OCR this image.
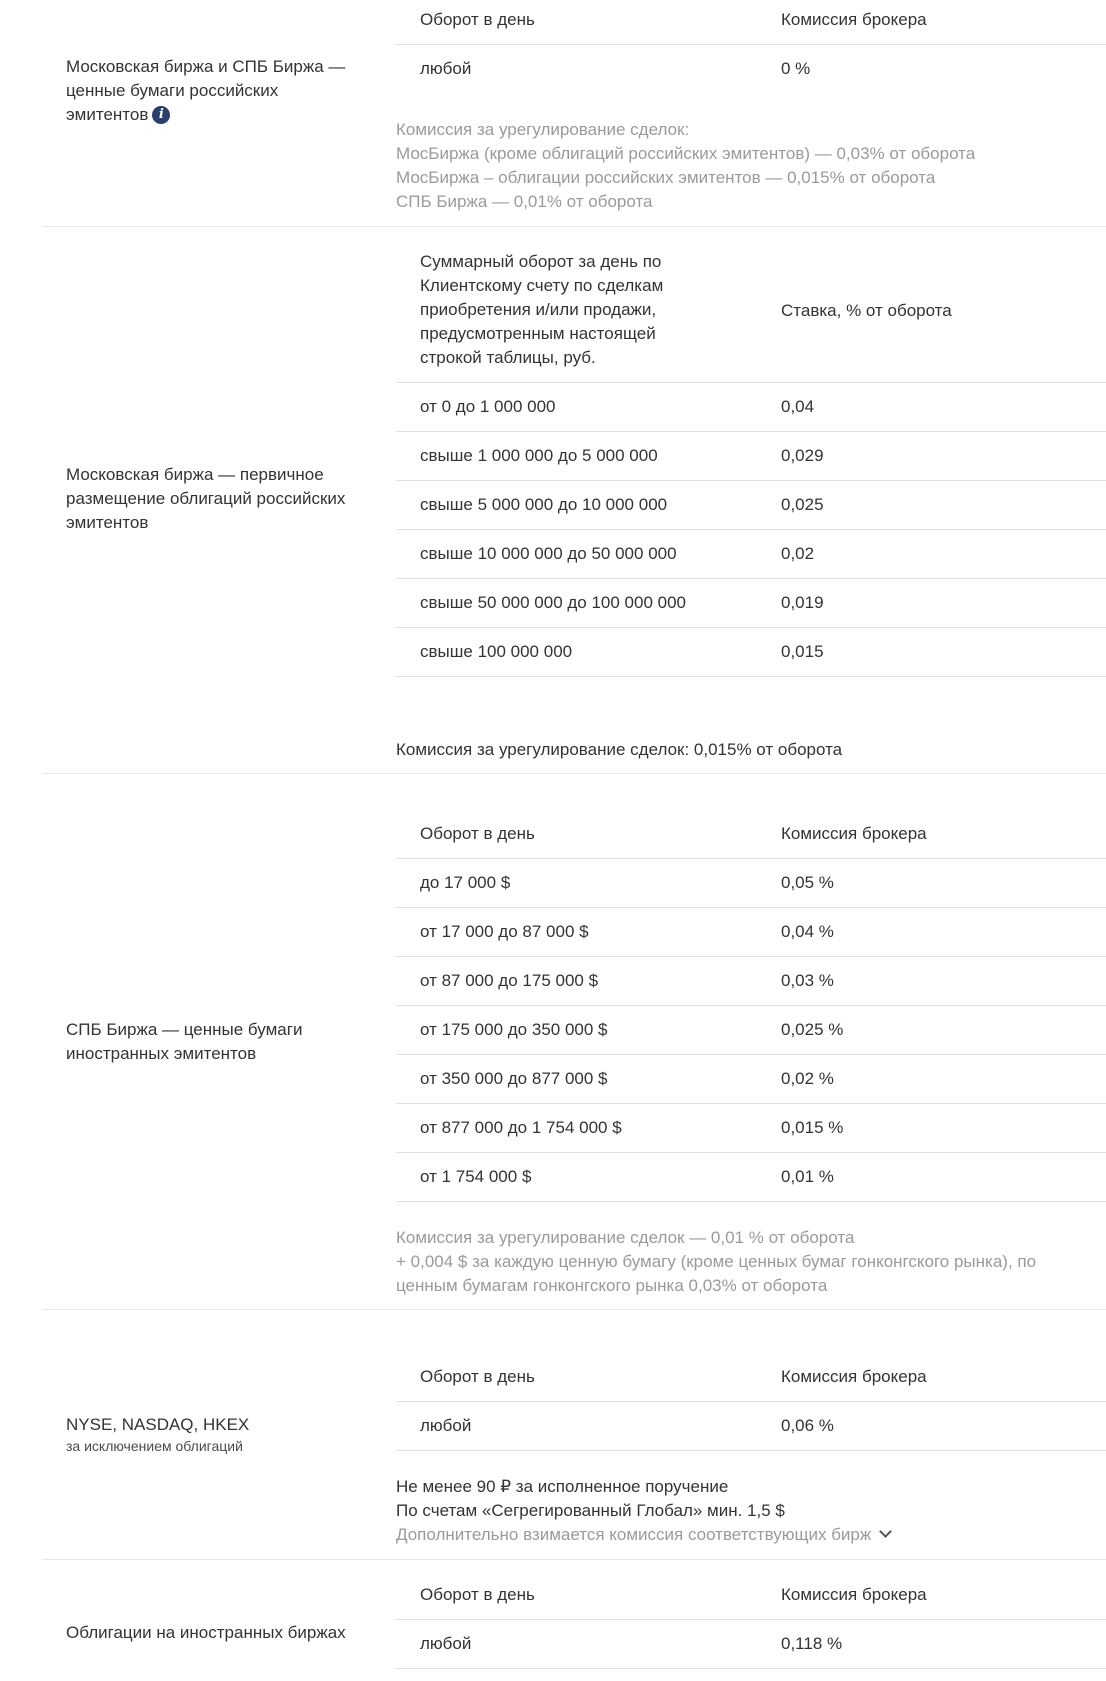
Оборот в день	Комиссия брокера
Московская биржа и СПБ Биржа — ценные бумаги российских эмитентов i
любой	0 %
Комиссия за урегулирование сделок:
МосБиржа (кроме облигаций российских эмитентов) — 0,03% от оборота
МосБиржа – облигации российских эмитентов — 0,015% от оборота
СПБ Биржа — 0,01% от оборота
Суммарный оборот за день по Клиентскому счету по сделкам приобретения и/или продажи, предусмотренным настоящей строкой таблицы, руб.
Ставка, % от оборота
Московская биржа — первичное размещение облигаций российских эмитентов
от 0 до 1 000 000	0,04
свыше 1 000 000 до 5 000 000	0,029
свыше 5 000 000 до 10 000 000	0,025
свыше 10 000 000 до 50 000 000	0,02
свыше 50 000 000 до 100 000 000	0,019
свыше 100 000 000	0,015
Комиссия за урегулирование сделок: 0,015% от оборота
Оборот в день	Комиссия брокера
СПБ Биржа — ценные бумаги иностранных эмитентов
до 17 000 $	0,05 %
от 17 000 до 87 000 $	0,04 %
от 87 000 до 175 000 $	0,03 %
от 175 000 до 350 000 $	0,025 %
от 350 000 до 877 000 $	0,02 %
от 877 000 до 1 754 000 $	0,015 %
от 1 754 000 $	0,01 %
Комиссия за урегулирование сделок — 0,01 % от оборота
+ 0,004 $ за каждую ценную бумагу (кроме ценных бумаг гонконгского рынка), по ценным бумагам гонконгского рынка 0,03% от оборота
Оборот в день	Комиссия брокера
NYSE, NASDAQ, HKEX
за исключением облигаций
любой	0,06 %
Не менее 90 ₽ за исполненное поручение
По счетам «Сегрегированный Глобал» мин. 1,5 $
Дополнительно взимается комиссия соответствующих бирж
Оборот в день	Комиссия брокера
Облигации на иностранных биржах
любой	0,118 %
